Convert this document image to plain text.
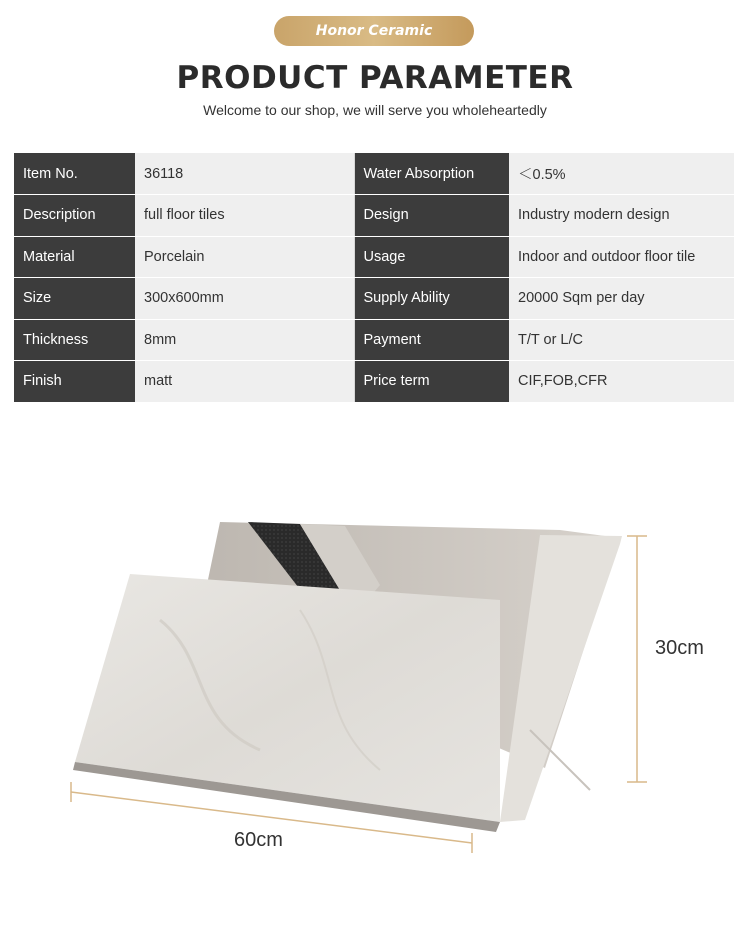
Honor Ceramic
PRODUCT PARAMETER
Welcome to our shop, we will serve you wholeheartedly
Item No.	36118	Water Absorption	＜0.5%
Description	full floor tiles	Design	Industry modern design
Material	Porcelain	Usage	Indoor and outdoor floor tile
Size	300x600mm	Supply Ability	20000 Sqm per day
Thickness	8mm	Payment	T/T or L/C
Finish	matt	Price term	CIF,FOB,CFR
30cm
60cm
